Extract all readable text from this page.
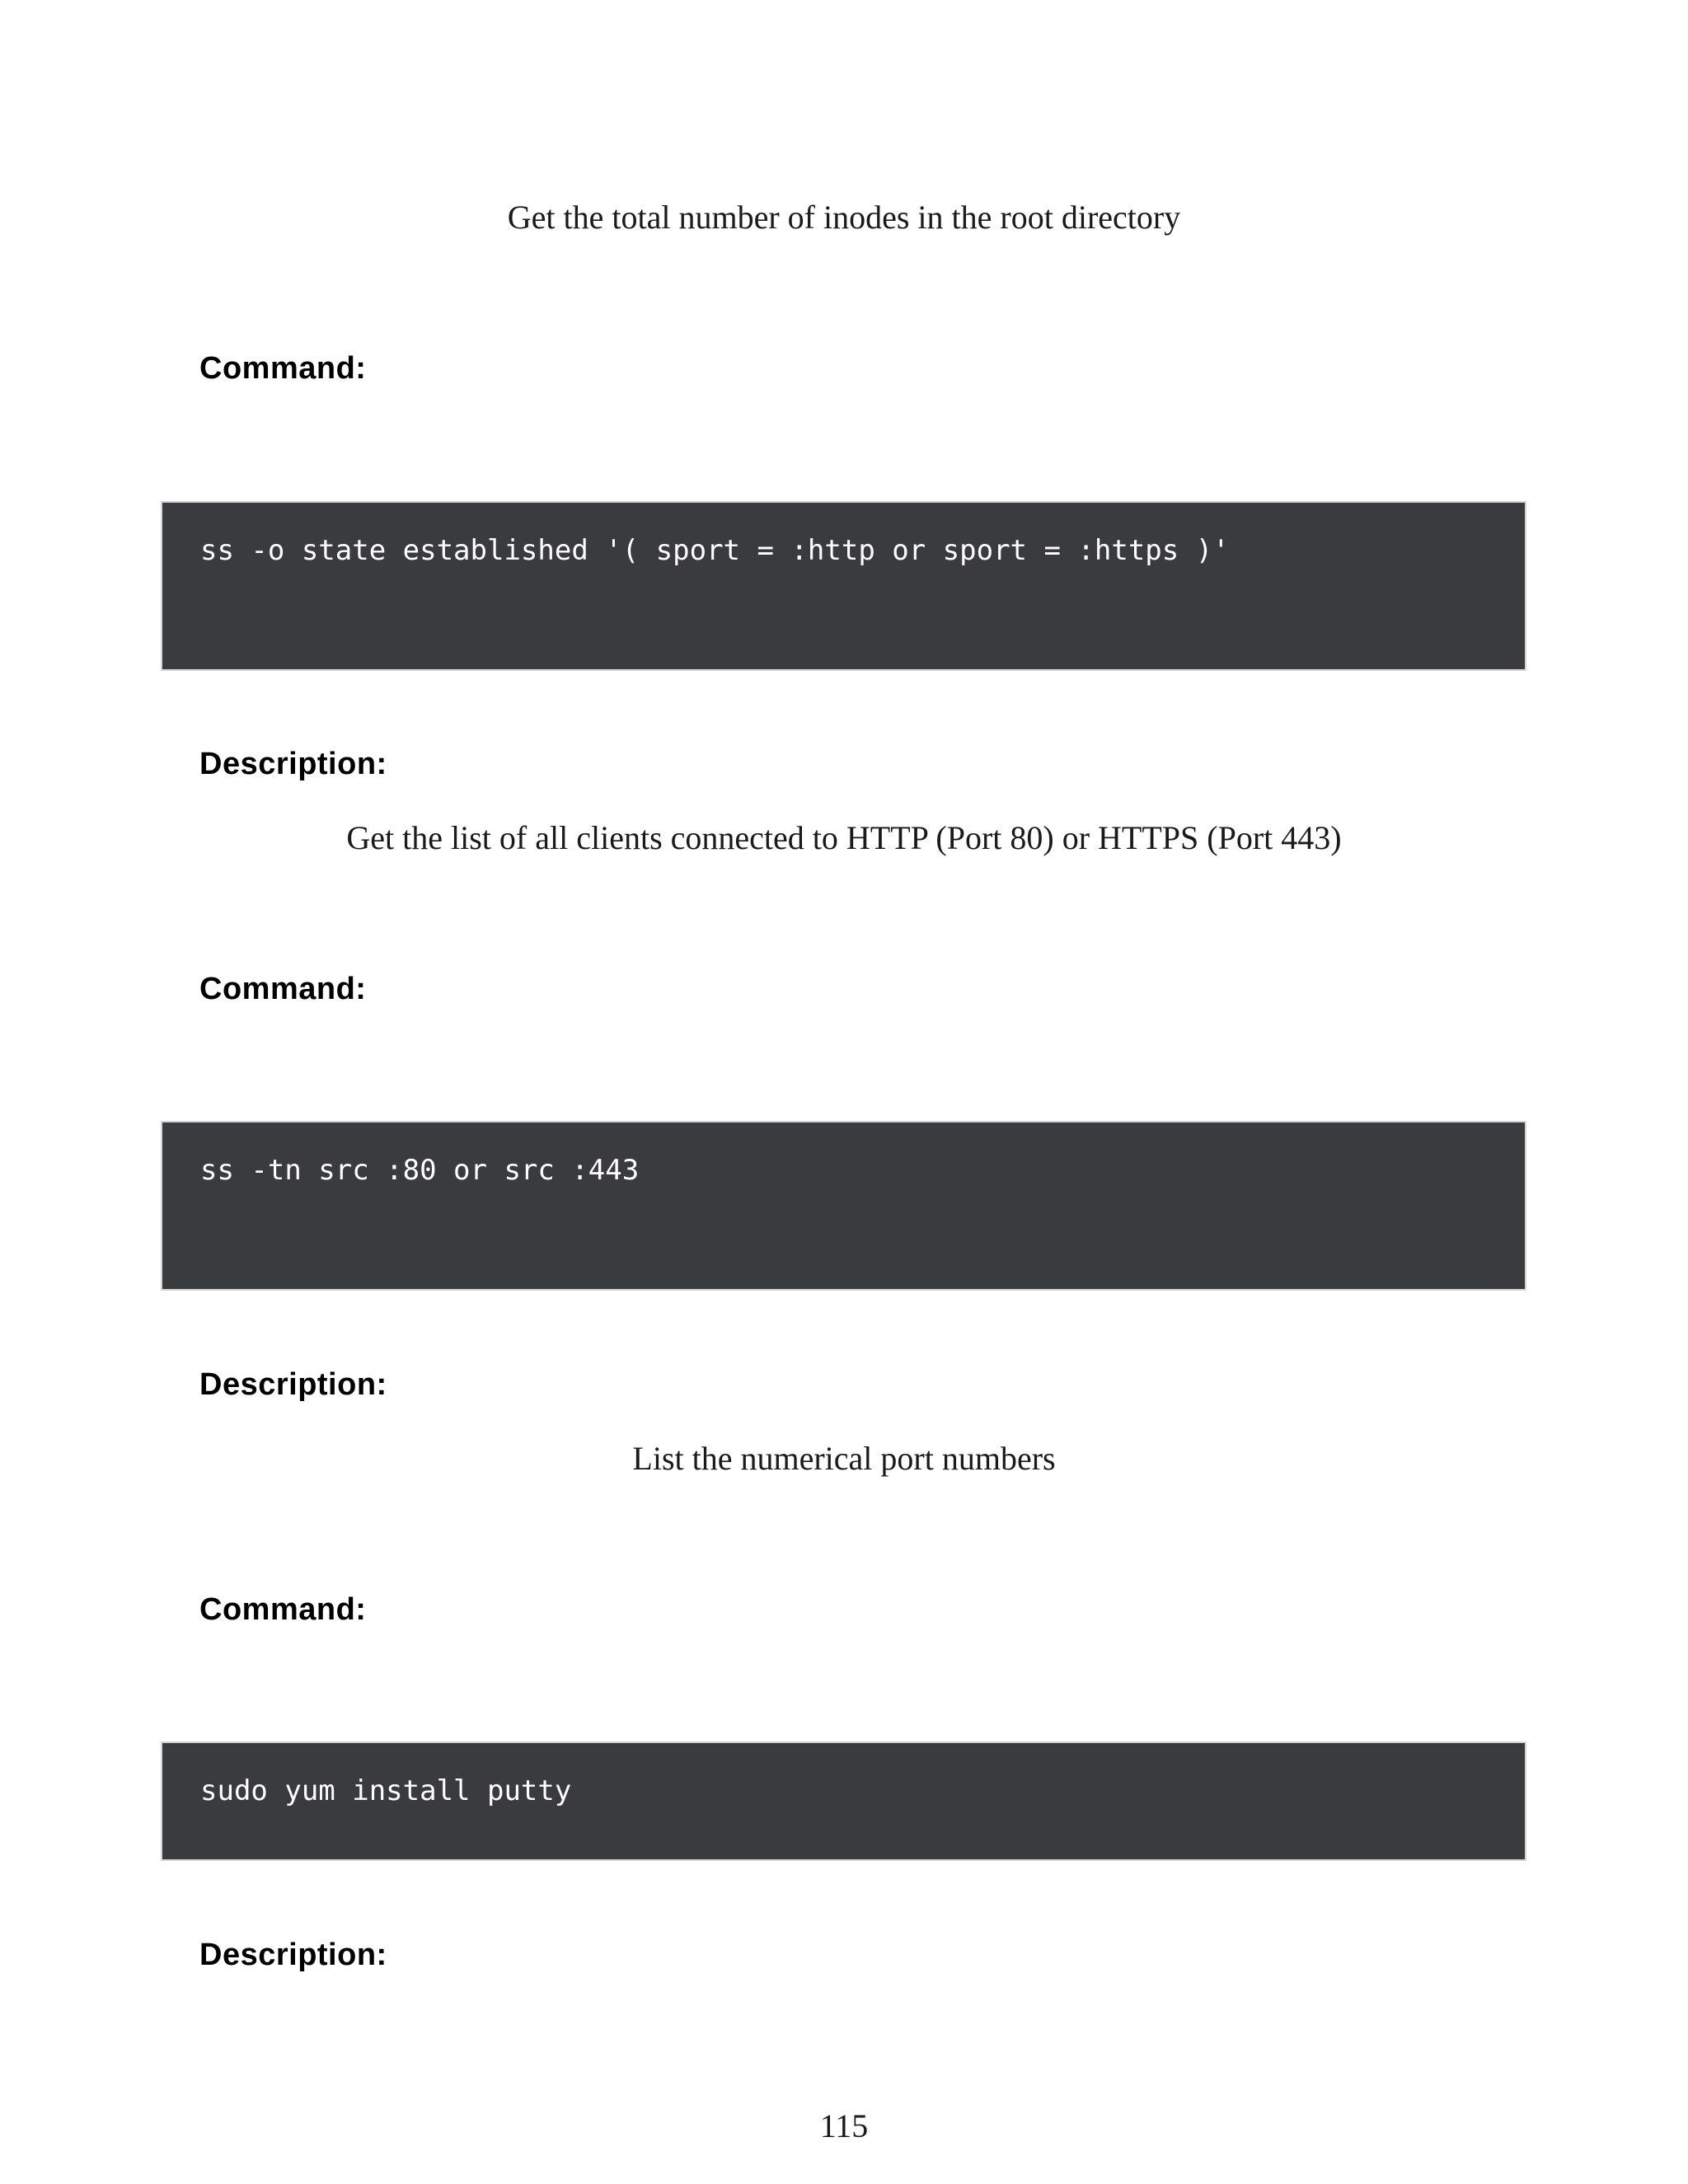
Get the total number of inodes in the root directory
Command:
ss -o state established '( sport = :http or sport = :https )'
Description:
Get the list of all clients connected to HTTP (Port 80) or HTTPS (Port 443)
Command:
ss -tn src :80 or src :443
Description:
List the numerical port numbers
Command:
sudo yum install putty
Description:
115
